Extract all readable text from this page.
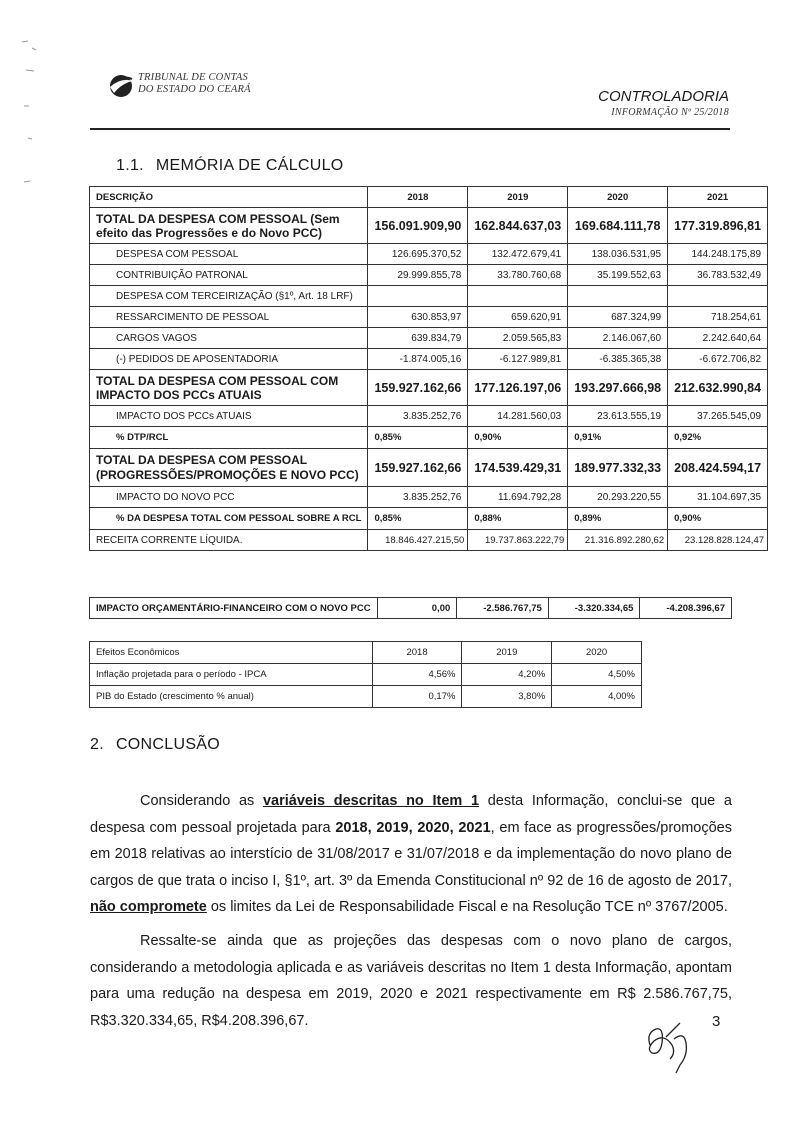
TRIBUNAL DE CONTAS
DO ESTADO DO CEARÁ	CONTROLADORIA
INFORMAÇÃO Nº 25/2018
1.1. MEMÓRIA DE CÁLCULO
DESCRIÇÃO	2018	2019	2020	2021
TOTAL DA DESPESA COM PESSOAL (Sem efeito das Progressões e do Novo PCC)	156.091.909,90	162.844.637,03	169.684.111,78	177.319.896,81
DESPESA COM PESSOAL	126.695.370,52	132.472.679,41	138.036.531,95	144.248.175,89
CONTRIBUIÇÃO PATRONAL	29.999.855,78	33.780.760,68	35.199.552,63	36.783.532,49
DESPESA COM TERCEIRIZAÇÃO (§1º, Art. 18 LRF)				
RESSARCIMENTO DE PESSOAL	630.853,97	659.620,91	687.324,99	718.254,61
CARGOS VAGOS	639.834,79	2.059.565,83	2.146.067,60	2.242.640,64
(-) PEDIDOS DE APOSENTADORIA	-1.874.005,16	-6.127.989,81	-6.385.365,38	-6.672.706,82
TOTAL DA DESPESA COM PESSOAL COM IMPACTO DOS PCCs ATUAIS	159.927.162,66	177.126.197,06	193.297.666,98	212.632.990,84
IMPACTO DOS PCCs ATUAIS	3.835.252,76	14.281.560,03	23.613.555,19	37.265.545,09
% DTP/RCL	0,85%	0,90%	0,91%	0,92%
TOTAL DA DESPESA COM PESSOAL (PROGRESSÕES/PROMOÇÕES E NOVO PCC)	159.927.162,66	174.539.429,31	189.977.332,33	208.424.594,17
IMPACTO DO NOVO PCC	3.835.252,76	11.694.792,28	20.293.220,55	31.104.697,35
% DA DESPESA TOTAL COM PESSOAL SOBRE A RCL	0,85%	0,88%	0,89%	0,90%
RECEITA CORRENTE LÍQUIDA.	18.846.427.215,50	19.737.863.222,79	21.316.892.280,62	23.128.828.124,47
IMPACTO ORÇAMENTÁRIO-FINANCEIRO COM O NOVO PCC	0,00	-2.586.767,75	-3.320.334,65	-4.208.396,67
Efeitos Econômicos	2018	2019	2020
Inflação projetada para o período - IPCA	4,56%	4,20%	4,50%
PIB do Estado (crescimento % anual)	0,17%	3,80%	4,00%
2. CONCLUSÃO
Considerando as variáveis descritas no Item 1 desta Informação, conclui-se que a despesa com pessoal projetada para 2018, 2019, 2020, 2021, em face as progressões/promoções em 2018 relativas ao interstício de 31/08/2017 e 31/07/2018 e da implementação do novo plano de cargos de que trata o inciso I, §1º, art. 3º da Emenda Constitucional nº 92 de 16 de agosto de 2017, não compromete os limites da Lei de Responsabilidade Fiscal e na Resolução TCE nº 3767/2005.
Ressalte-se ainda que as projeções das despesas com o novo plano de cargos, considerando a metodologia aplicada e as variáveis descritas no Item 1 desta Informação, apontam para uma redução na despesa em 2019, 2020 e 2021 respectivamente em R$ 2.586.767,75, R$3.320.334,65, R$4.208.396,67.	3
